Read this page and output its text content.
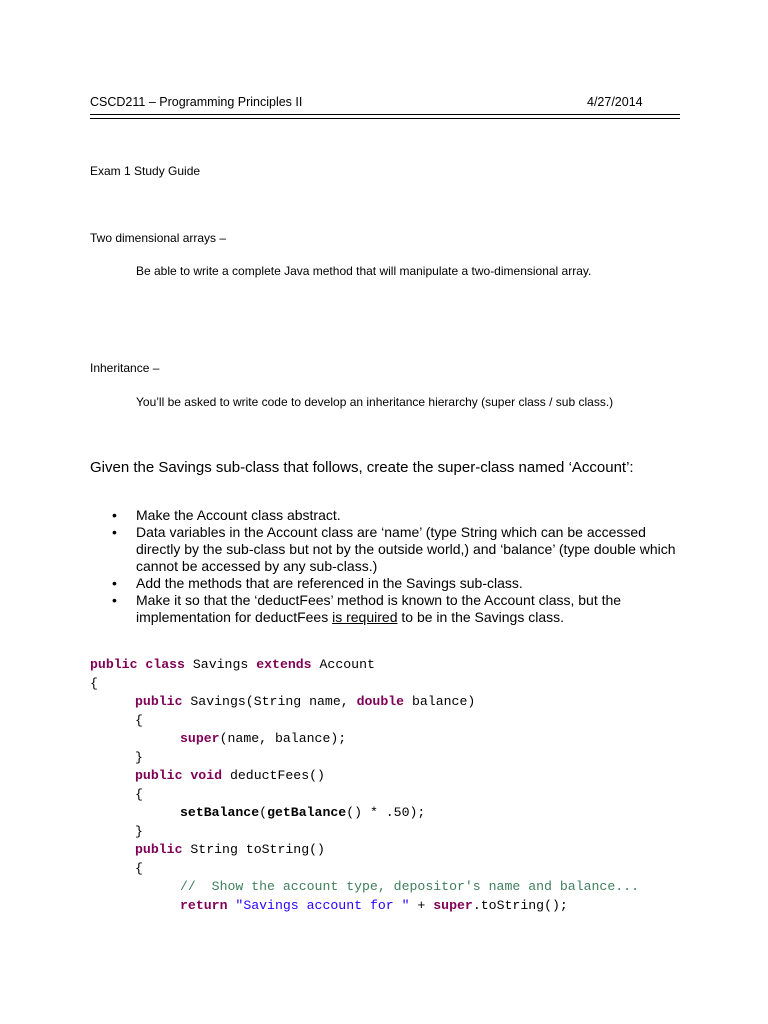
CSCD211 – Programming Principles II	4/27/2014
Exam 1 Study Guide
Two dimensional arrays –
Be able to write a complete Java method that will manipulate a two-dimensional array.
Inheritance –
You’ll be asked to write code to develop an inheritance hierarchy (super class / sub class.)
Given the Savings sub-class that follows, create the super-class named ‘Account’:
• Make the Account class abstract.
• Data variables in the Account class are ‘name’ (type String which can be accessed directly by the sub-class but not by the outside world,) and ‘balance’ (type double which cannot be accessed by any sub-class.)
• Add the methods that are referenced in the Savings sub-class.
• Make it so that the ‘deductFees’ method is known to the Account class, but the implementation for deductFees is required to be in the Savings class.
public class Savings extends Account
{
public Savings(String name, double balance)
{
super(name, balance);
}
public void deductFees()
{
setBalance(getBalance() * .50);
}
public String toString()
{
//  Show the account type, depositor's name and balance...
return "Savings account for " + super.toString();
